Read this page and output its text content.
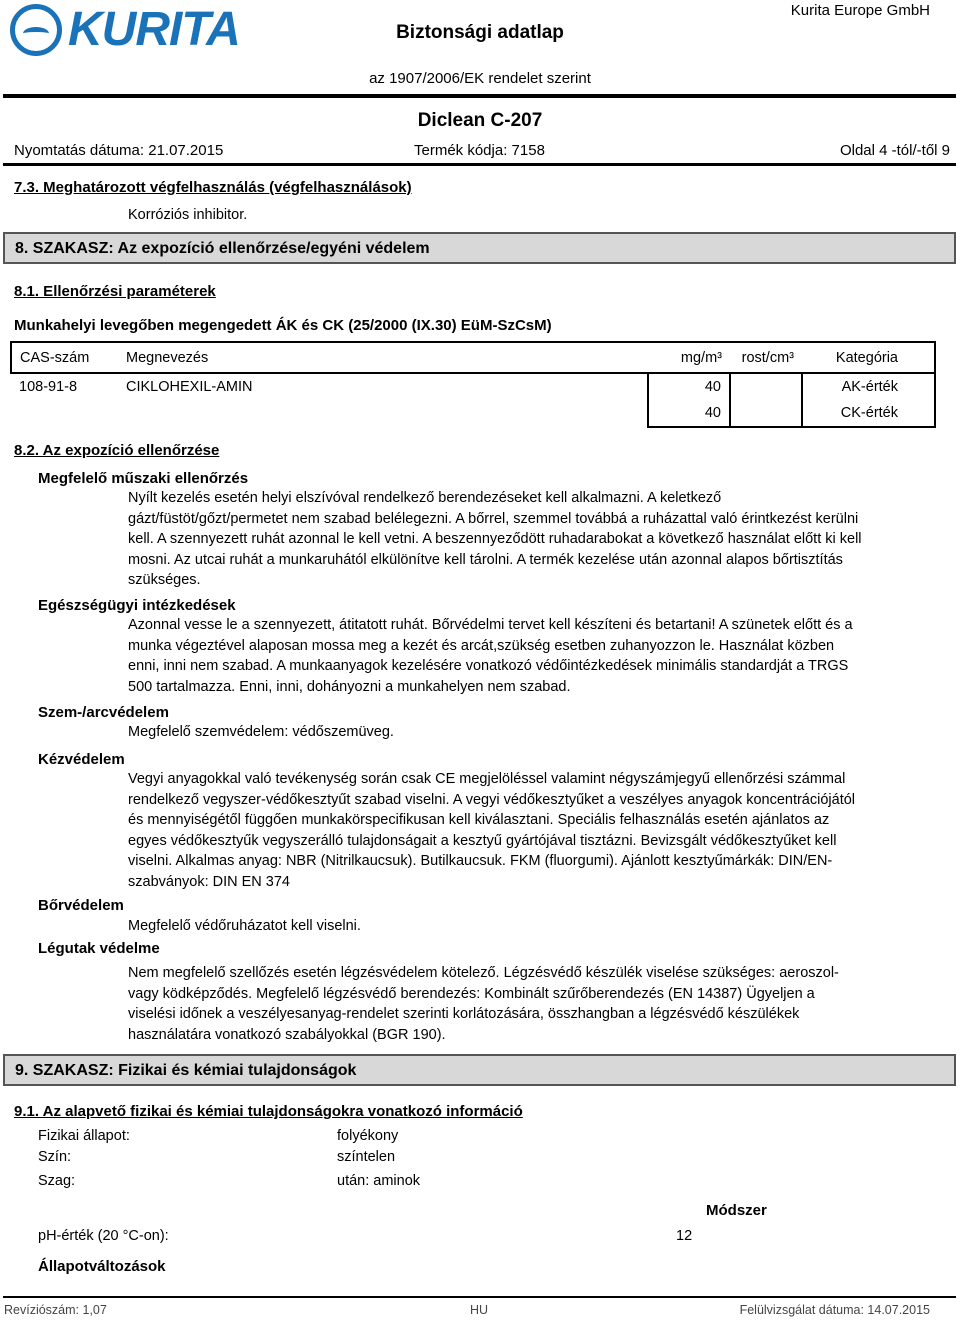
KURITA	Biztonsági adatlap
Kurita Europe GmbH
az 1907/2006/EK rendelet szerint
Diclean C-207
Nyomtatás dátuma: 21.07.2015	Termék kódja: 7158	Oldal 4 -tól/-től 9
7.3. Meghatározott végfelhasználás (végfelhasználások)
Korróziós inhibitor.
8. SZAKASZ: Az expozíció ellenőrzése/egyéni védelem
8.1. Ellenőrzési paraméterek
Munkahelyi levegőben megengedett ÁK és CK (25/2000 (IX.30) EüM-SzCsM)
CAS-szám	Megnevezés	mg/m³	rost/cm³	Kategória
108-91-8	CIKLOHEXIL-AMIN	40		AK-érték
		40		CK-érték
8.2. Az expozíció ellenőrzése
Megfelelő műszaki ellenőrzés
Nyílt kezelés esetén helyi elszívóval rendelkező berendezéseket kell alkalmazni. A keletkező gázt/füstöt/gőzt/permetet nem szabad belélegezni. A bőrrel, szemmel továbbá a ruházattal való érintkezést kerülni kell. A szennyezett ruhát azonnal le kell vetni. A beszennyeződött ruhadarabokat a következő használat előtt ki kell mosni. Az utcai ruhát a munkaruhától elkülönítve kell tárolni. A termék kezelése után azonnal alapos bőrtisztítás szükséges.
Egészségügyi intézkedések
Azonnal vesse le a szennyezett, átitatott ruhát. Bőrvédelmi tervet kell készíteni és betartani! A szünetek előtt és a munka végeztével alaposan mossa meg a kezét és arcát,szükség esetben zuhanyozzon le. Használat közben enni, inni nem szabad. A munkaanyagok kezelésére vonatkozó védőintézkedések minimális standardját a TRGS 500 tartalmazza. Enni, inni, dohányozni a munkahelyen nem szabad.
Szem-/arcvédelem
Megfelelő szemvédelem: védőszemüveg.
Kézvédelem
Vegyi anyagokkal való tevékenység során csak CE megjelöléssel valamint négyszámjegyű ellenőrzési számmal rendelkező vegyszer-védőkesztyűt szabad viselni. A vegyi védőkesztyűket a veszélyes anyagok koncentrációjától és mennyiségétől függően munkakörspecifikusan kell kiválasztani. Speciális felhasználás esetén ajánlatos az egyes védőkesztyűk vegyszerálló tulajdonságait a kesztyű gyártójával tisztázni. Bevizsgált védőkesztyűket kell viselni. Alkalmas anyag: NBR (Nitrilkaucsuk). Butilkaucsuk. FKM (fluorgumi). Ajánlott kesztyűmárkák: DIN/EN-szabványok: DIN EN 374
Bőrvédelem
Megfelelő védőruházatot kell viselni.
Légutak védelme
Nem megfelelő szellőzés esetén légzésvédelem kötelező. Légzésvédő készülék viselése szükséges: aeroszol- vagy ködképződés. Megfelelő légzésvédő berendezés: Kombinált szűrőberendezés (EN 14387) Ügyeljen a viselési időnek a veszélyesanyag-rendelet szerinti korlátozására, összhangban a légzésvédő készülékek használatára vonatkozó szabályokkal (BGR 190).
9. SZAKASZ: Fizikai és kémiai tulajdonságok
9.1. Az alapvető fizikai és kémiai tulajdonságokra vonatkozó információ
Fizikai állapot:	folyékony
Szín:	színtelen
Szag:	után: aminok
Módszer
pH-érték (20 °C-on):	12
Állapotváltozások
Revíziószám: 1,07	HU	Felülvizsgálat dátuma: 14.07.2015
